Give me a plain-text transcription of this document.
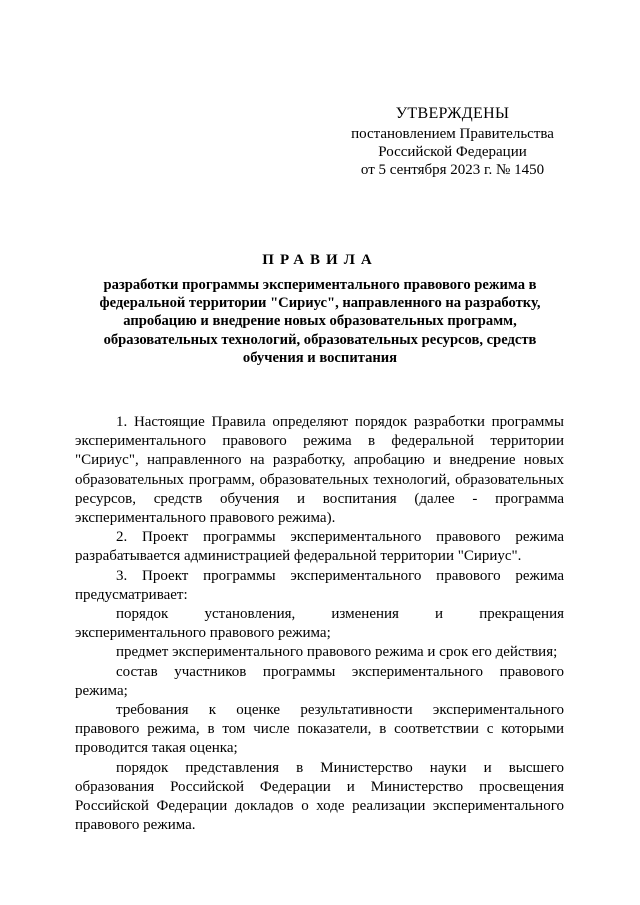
УТВЕРЖДЕНЫ
постановлением Правительства
Российской Федерации
от 5 сентября 2023 г. № 1450
ПРАВИЛА
разработки программы экспериментального правового режима в федеральной территории "Сириус", направленного на разработку, апробацию и внедрение новых образовательных программ, образовательных технологий, образовательных ресурсов, средств обучения и воспитания

1. Настоящие Правила определяют порядок разработки программы экспериментального правового режима в федеральной территории "Сириус", направленного на разработку, апробацию и внедрение новых образовательных программ, образовательных технологий, образовательных ресурсов, средств обучения и воспитания (далее - программа экспериментального правового режима).

2. Проект программы экспериментального правового режима разрабатывается администрацией федеральной территории "Сириус".

3. Проект программы экспериментального правового режима предусматривает:

порядок установления, изменения и прекращения экспериментального правового режима;

предмет экспериментального правового режима и срок его действия;

состав участников программы экспериментального правового режима;

требования к оценке результативности экспериментального правового режима, в том числе показатели, в соответствии с которыми проводится такая оценка;

порядок представления в Министерство науки и высшего образования Российской Федерации и Министерство просвещения Российской Федерации докладов о ходе реализации экспериментального правового режима.
